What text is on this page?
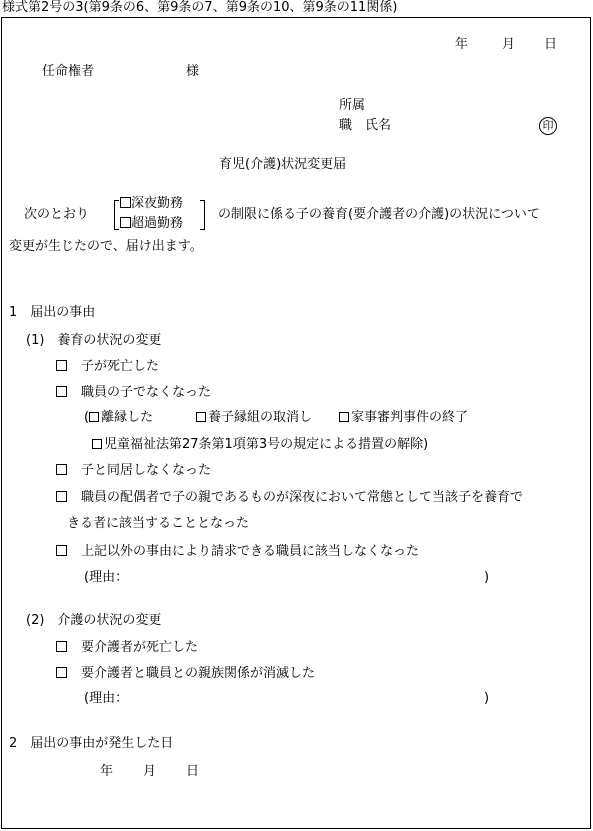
様式第2号の3(第9条の6、第9条の7、第9条の10、第9条の11関係)
年	月 日
任命権者	様
所属
職　氏名	印
育児(介護)状況変更届
次のとおり
深夜勤務
超過勤務
の制限に係る子の養育(要介護者の介護)の状況について
変更が生じたので、届け出ます。
1　届出の事由
(1)　養育の状況の変更
子が死亡した
職員の子でなくなった
( 離縁した	養子縁組の取消し	家事審判事件の終了
児童福祉法第27条第1項第3号の規定による措置の解除)
子と同居しなくなった
職員の配偶者で子の親であるものが深夜において常態として当該子を養育で
きる者に該当することとなった
上記以外の事由により請求できる職員に該当しなくなった
(理由：	)
(2)　介護の状況の変更
要介護者が死亡した
要介護者と職員との親族関係が消滅した
(理由：	)
2　届出の事由が発生した日
年 月 日
